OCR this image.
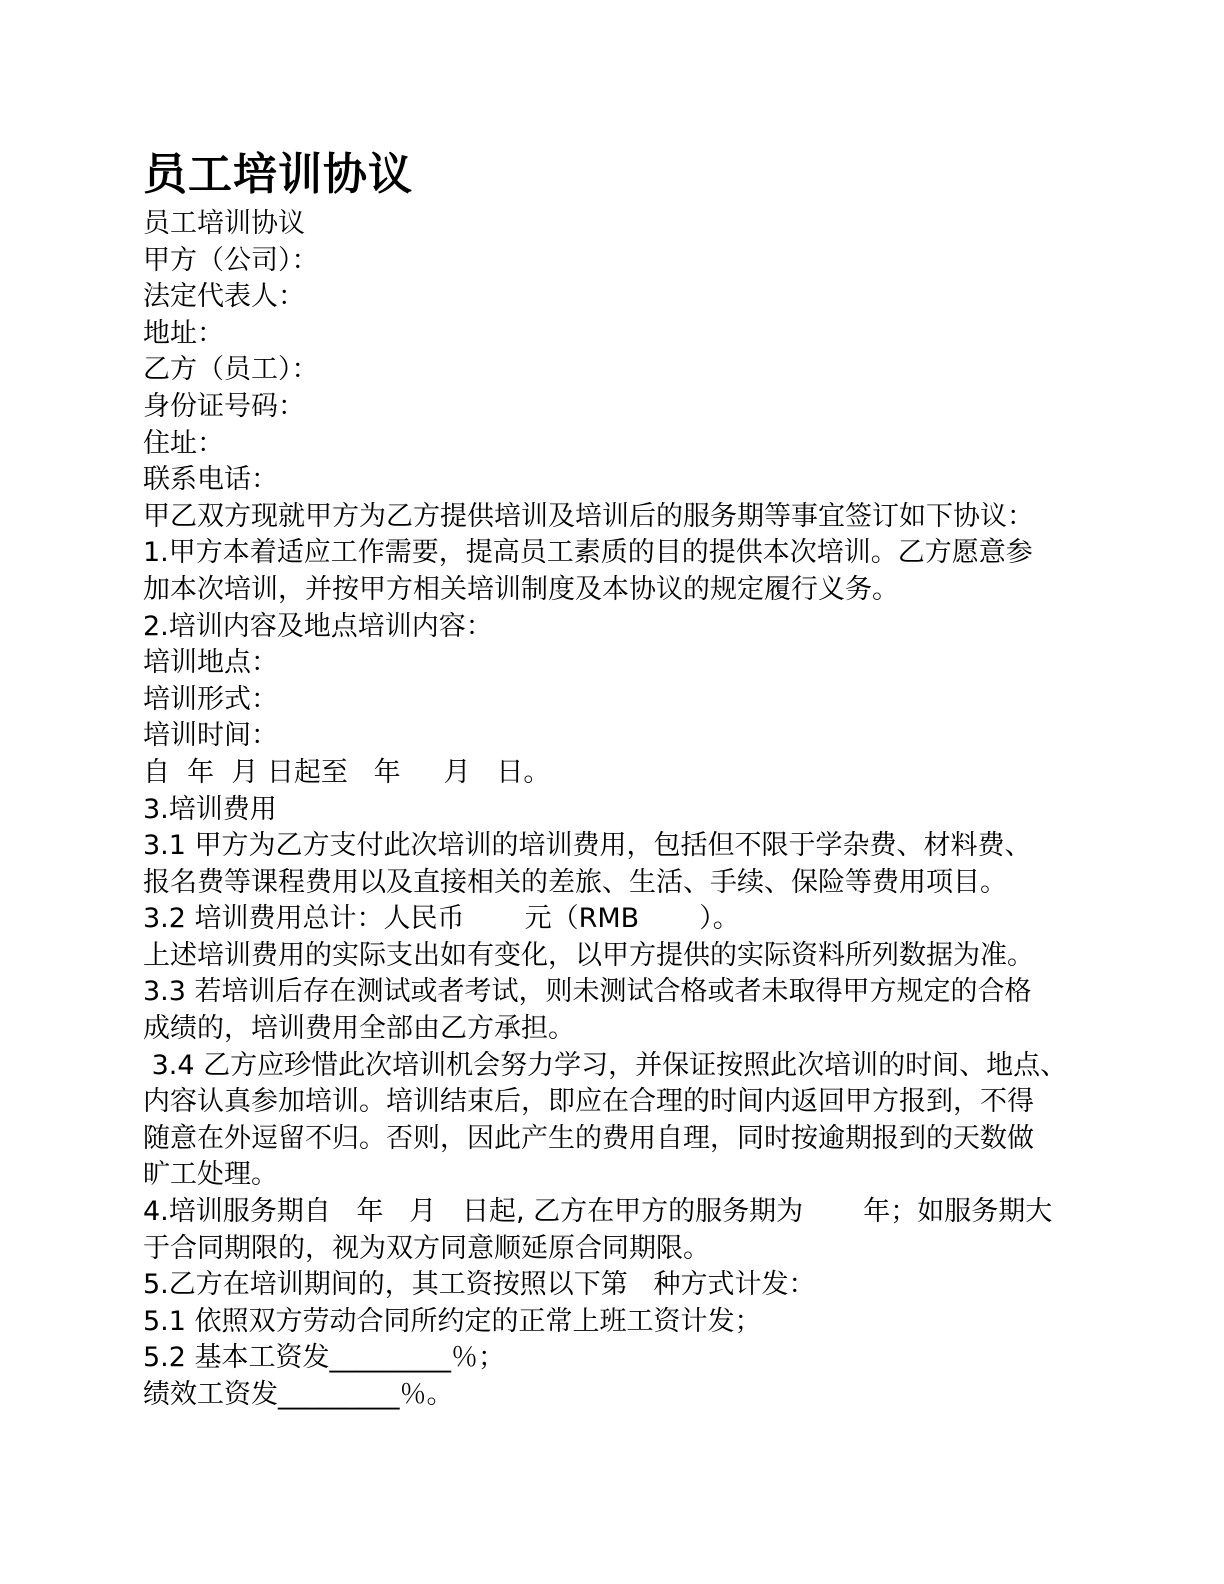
员工培训协议

员工培训协议

甲方（公司）：

法定代表人：

地址：

乙方（员工）：

身份证号码：

住址：

联系电话：

甲乙双方现就甲方为乙方提供培训及培训后的服务期等事宜签订如下协议：

1.甲方本着适应工作需要，提高员工素质的目的提供本次培训。乙方愿意参

加本次培训，并按甲方相关培训制度及本协议的规定履行义务。

2.培训内容及地点培训内容：

培训地点：

培训形式：

培训时间：

自  年  月 日起至   年     月   日。

3.培训费用

3.1 甲方为乙方支付此次培训的培训费用，包括但不限于学杂费、材料费、

报名费等课程费用以及直接相关的差旅、生活、手续、保险等费用项目。

3.2 培训费用总计：人民币       元（RMB       ）。

上述培训费用的实际支出如有变化，以甲方提供的实际资料所列数据为准。

3.3 若培训后存在测试或者考试，则未测试合格或者未取得甲方规定的合格

成绩的，培训费用全部由乙方承担。

3.4 乙方应珍惜此次培训机会努力学习，并保证按照此次培训的时间、地点、

内容认真参加培训。培训结束后，即应在合理的时间内返回甲方报到，不得

随意在外逗留不归。否则，因此产生的费用自理，同时按逾期报到的天数做

旷工处理。

4.培训服务期自   年   月   日起, 乙方在甲方的服务期为       年；如服务期大

于合同期限的，视为双方同意顺延原合同期限。

5.乙方在培训期间的，其工资按照以下第   种方式计发：

5.1 依照双方劳动合同所约定的正常上班工资计发；

5.2 基本工资发_________％；

绩效工资发_________％。
